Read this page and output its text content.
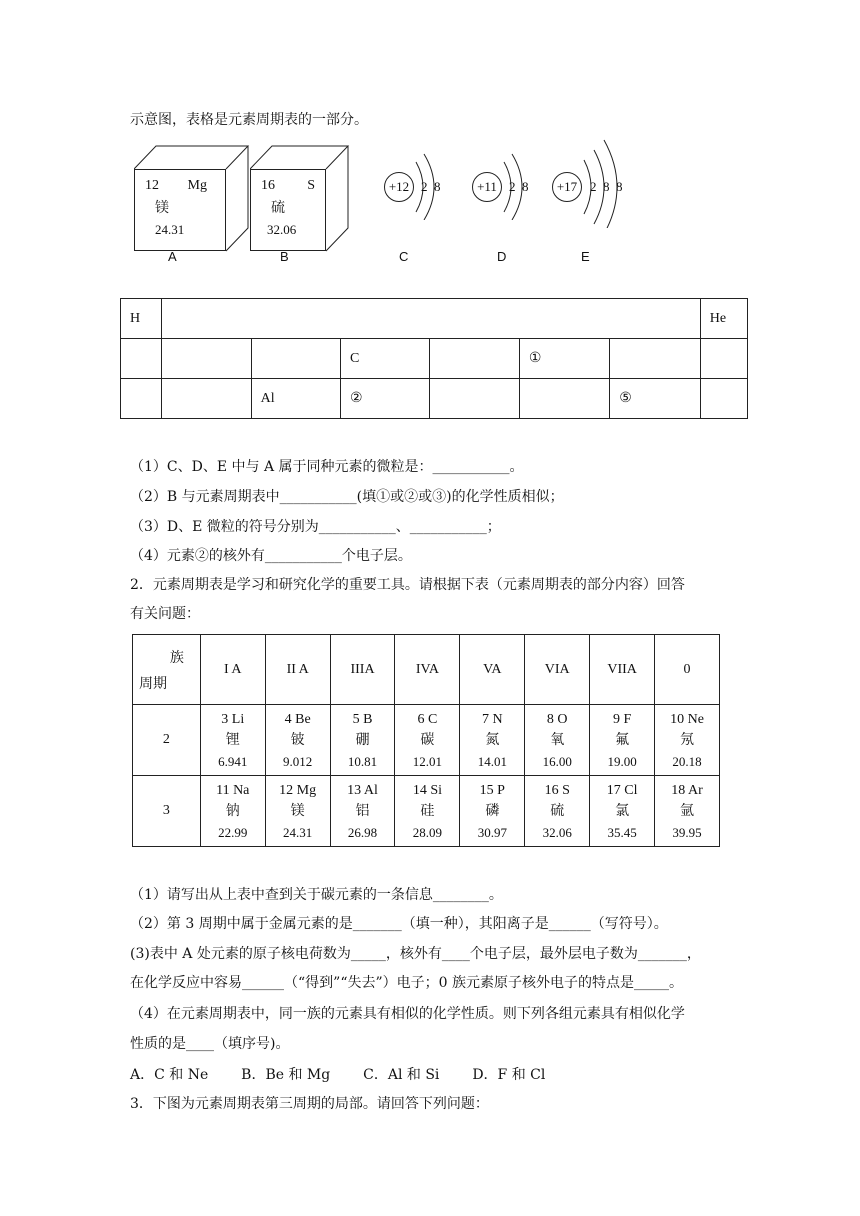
示意图，表格是元素周期表的一部分。
12 Mg
镁
24.31
A
16 S
硫
32.06
B
+12 2 8
C
+11 2 8
D
+17 2 8 8
E
H							He
			C		①		
		Al	②			⑤	
（1）C、D、E 中与 A 属于同种元素的微粒是：___________。
（2）B 与元素周期表中___________(填①或②或③)的化学性质相似；
（3）D、E 微粒的符号分别为___________、___________；
（4）元素②的核外有___________个电子层。
2．元素周期表是学习和研究化学的重要工具。请根据下表（元素周期表的部分内容）回答
有关问题：
族
周期	I A	II A	IIIA	IVA	VA	VIA	VIIA	0
2	3 Li
锂
6.941	4 Be
铍
9.012	5 B
硼
10.81	6 C
碳
12.01	7 N
氮
14.01	8 O
氧
16.00	9 F
氟
19.00	10 Ne
氖
20.18

3	11 Na
钠
22.99	12 Mg
镁
24.31	13 Al
铝
26.98	14 Si
硅
28.09	15 P
磷
30.97	16 S
硫
32.06	17 Cl
氯
35.45	18 Ar
氩
39.95
（1）请写出从上表中查到关于碳元素的一条信息________。
（2）第 3 周期中属于金属元素的是_______（填一种），其阳离子是______（写符号）。
(3)表中 A 处元素的原子核电荷数为_____，核外有____个电子层，最外层电子数为_______，
在化学反应中容易______（“得到”“失去”）电子；0 族元素原子核外电子的特点是_____。
（4）在元素周期表中，同一族的元素具有相似的化学性质。则下列各组元素具有相似化学
性质的是____（填序号)。
A．C 和 Ne B．Be 和 Mg C．Al 和 Si D．F 和 Cl
3．下图为元素周期表第三周期的局部。请回答下列问题：
